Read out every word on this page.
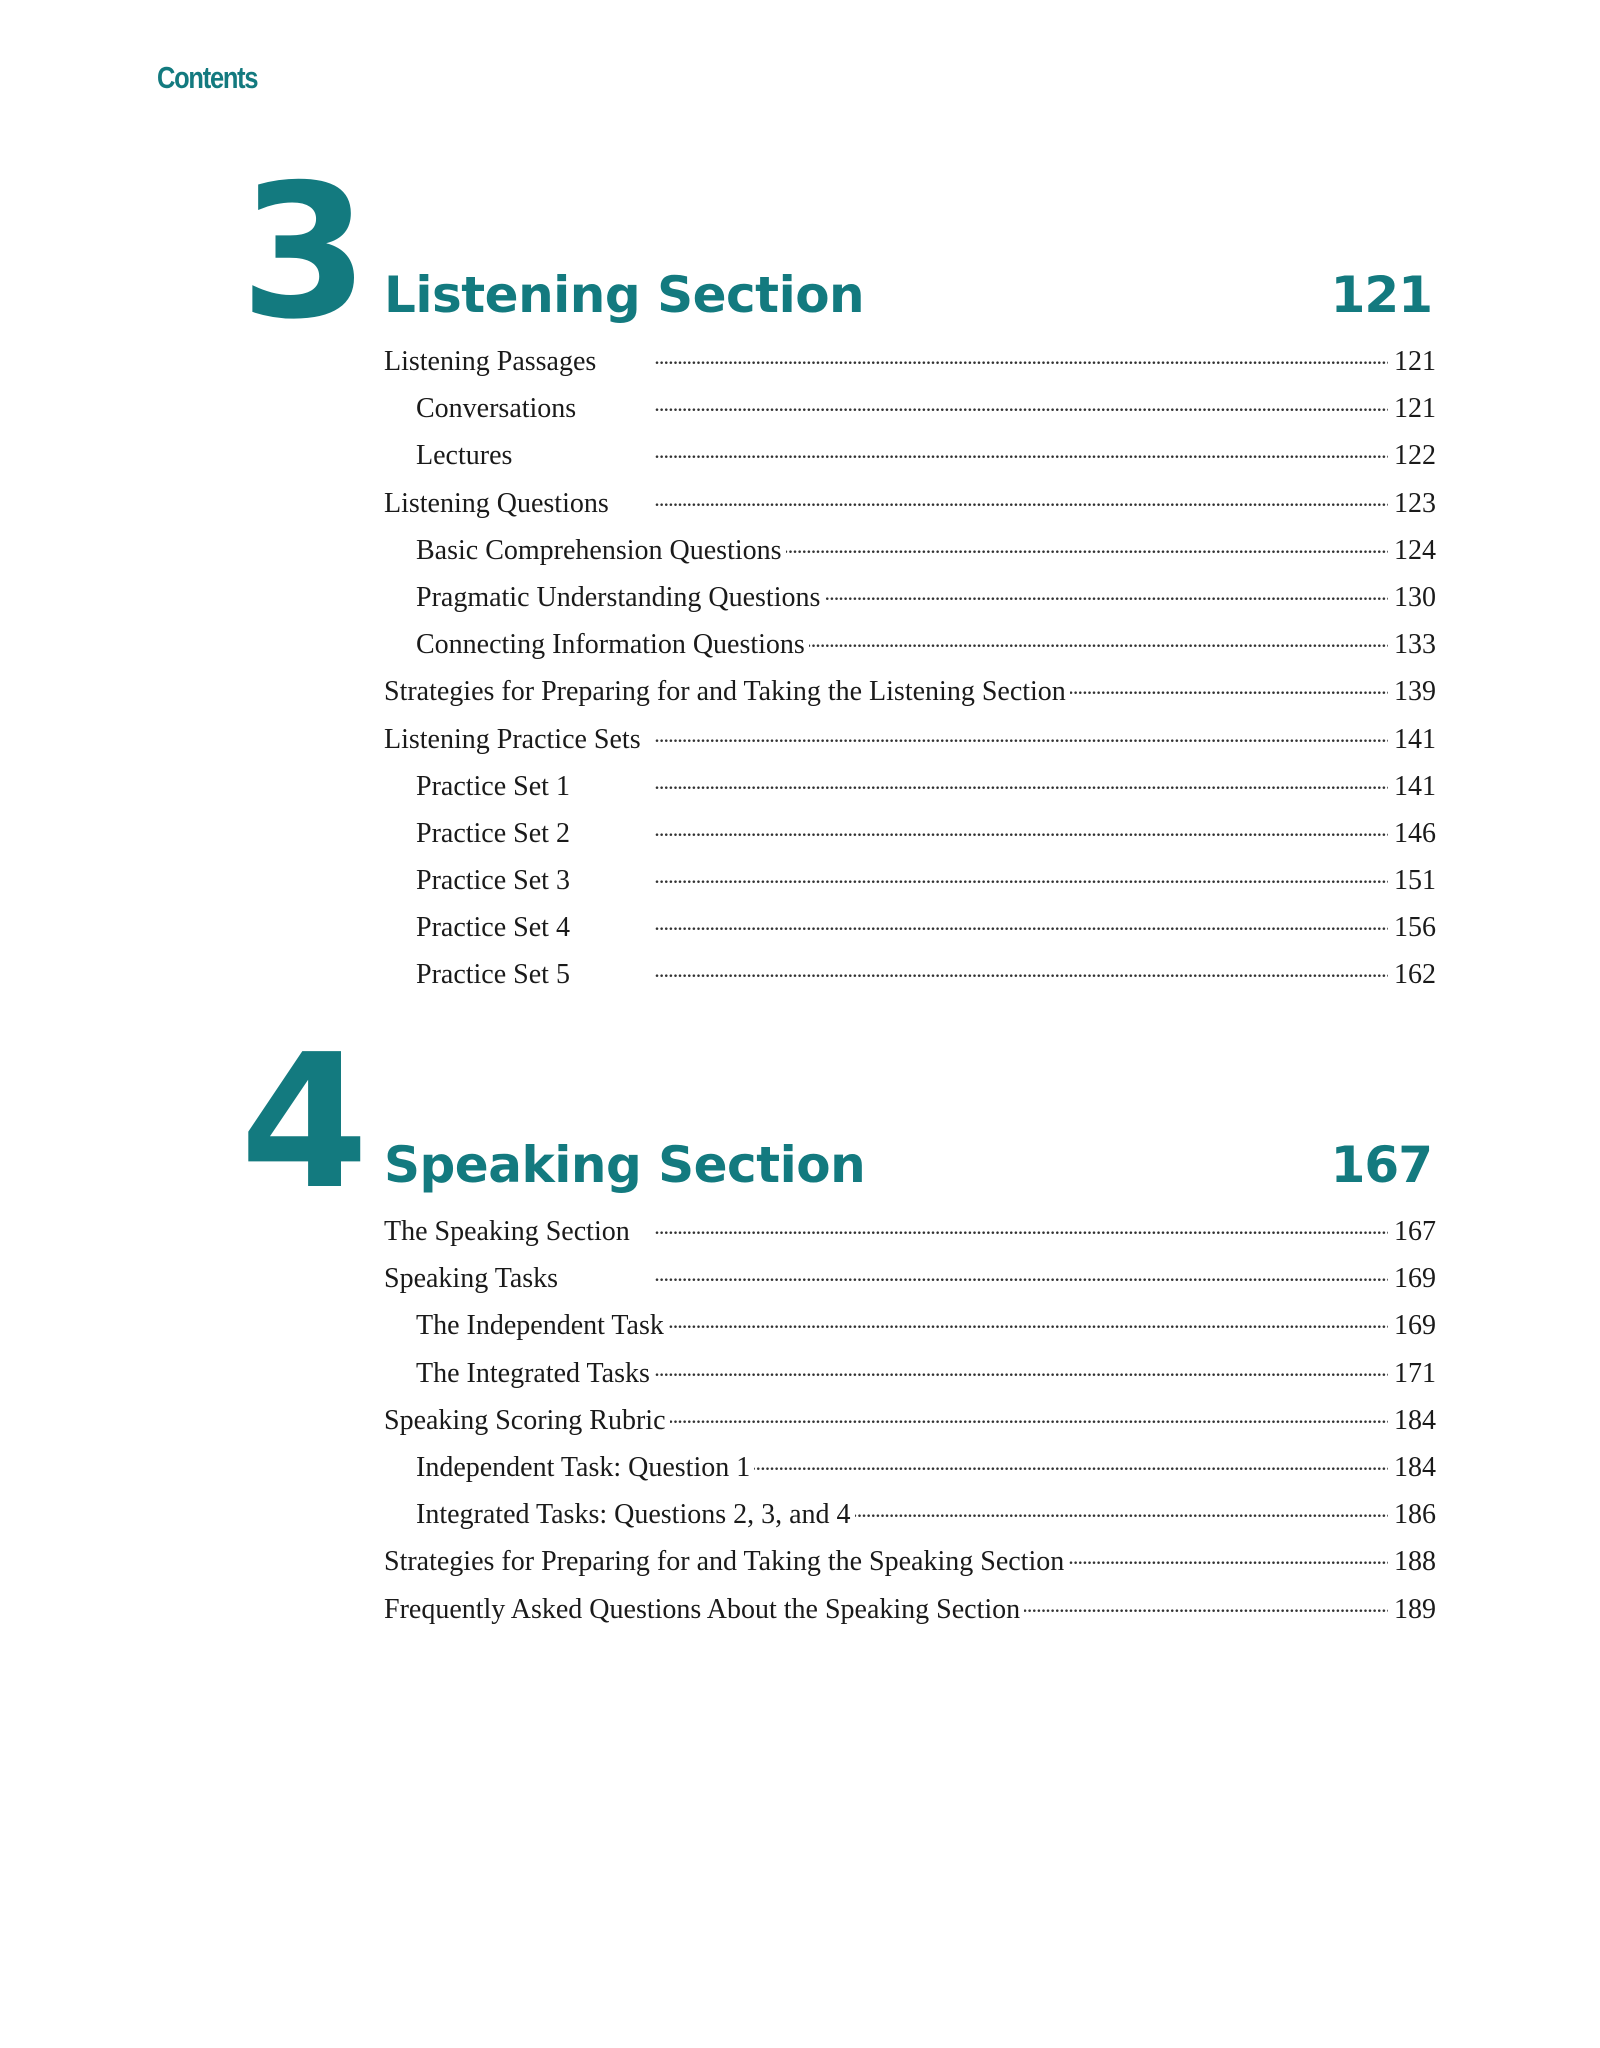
Contents
3 Listening Section	121
Listening Passages . . .	121
Conversations . . .	121
Lectures . . .	122
Listening Questions . . .	123
Basic Comprehension Questions . . .	124
Pragmatic Understanding Questions . . .	130
Connecting Information Questions . . .	133
Strategies for Preparing for and Taking the Listening Section . . .	139
Listening Practice Sets . . .	141
Practice Set 1 . . .	141
Practice Set 2 . . .	146
Practice Set 3 . . .	151
Practice Set 4 . . .	156
Practice Set 5 . . .	162
4 Speaking Section	167
The Speaking Section . . .	167
Speaking Tasks . . .	169
The Independent Task . . .	169
The Integrated Tasks . . .	171
Speaking Scoring Rubric . . .	184
Independent Task: Question 1 . . .	184
Integrated Tasks: Questions 2, 3, and 4 . . .	186
Strategies for Preparing for and Taking the Speaking Section . . .	188
Frequently Asked Questions About the Speaking Section . . .	189
